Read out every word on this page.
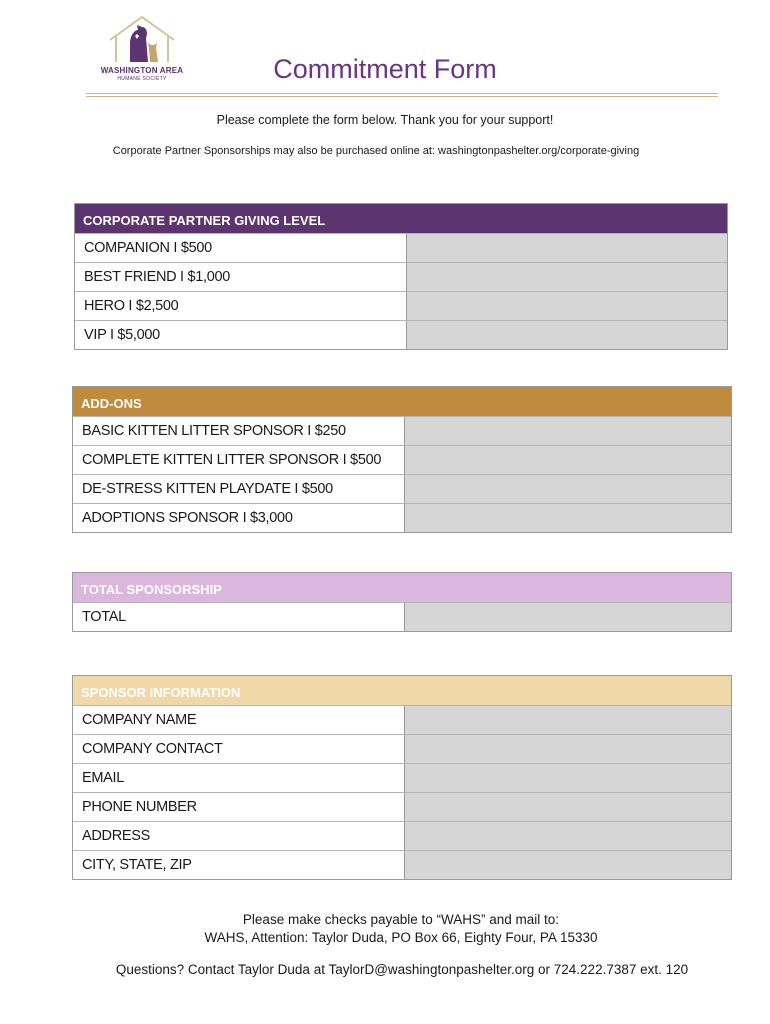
WASHINGTON AREA
HUMANE SOCIETY	Commitment Form
Please complete the form below. Thank you for your support!
Corporate Partner Sponsorships may also be purchased online at: washingtonpashelter.org/corporate-giving
CORPORATE PARTNER GIVING LEVEL
COMPANION I $500
BEST FRIEND I $1,000
HERO I $2,500
VIP I $5,000
ADD-ONS
BASIC KITTEN LITTER SPONSOR I $250
COMPLETE KITTEN LITTER SPONSOR I $500
DE-STRESS KITTEN PLAYDATE I $500
ADOPTIONS SPONSOR I $3,000
TOTAL SPONSORSHIP
TOTAL
SPONSOR INFORMATION
COMPANY NAME
COMPANY CONTACT
EMAIL
PHONE NUMBER
ADDRESS
CITY, STATE, ZIP
Please make checks payable to “WAHS” and mail to:
WAHS, Attention: Taylor Duda, PO Box 66, Eighty Four, PA 15330
Questions? Contact Taylor Duda at TaylorD@washingtonpashelter.org or 724.222.7387 ext. 120
